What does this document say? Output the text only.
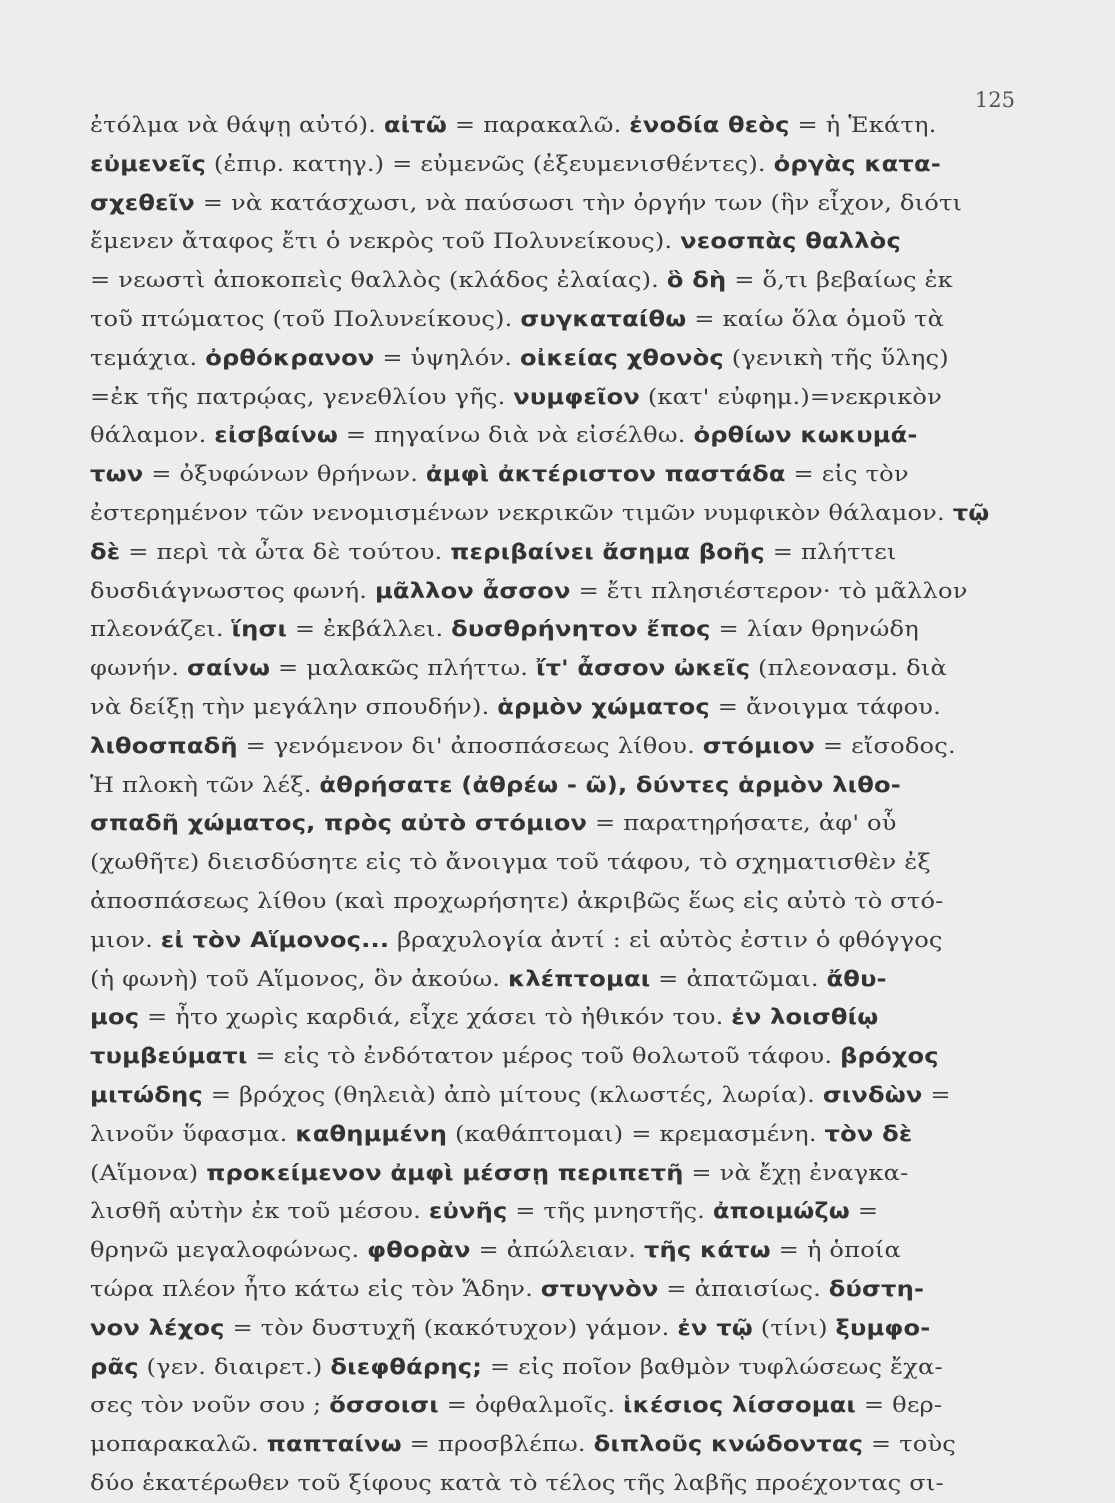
125
ἐτόλμα νὰ θάψῃ αὐτό). αἰτῶ = παρακαλῶ. ἐνοδία θεὸς = ἡ Ἑκάτη.
εὐμενεῖς (ἐπιρ. κατηγ.) = εὐμενῶς (ἐξευμενισθέντες). ὀργὰς κατα-
σχεθεῖν = νὰ κατάσχωσι, νὰ παύσωσι τὴν ὀργήν των (ἣν εἶχον, διότι
ἔμενεν ἄταφος ἔτι ὁ νεκρὸς τοῦ Πολυνείκους). νεοσπὰς θαλλὸς
= νεωστὶ ἀποκοπεὶς θαλλὸς (κλάδος ἐλαίας). ὃ δὴ = ὅ,τι βεβαίως ἐκ
τοῦ πτώματος (τοῦ Πολυνείκους). συγκαταίθω = καίω ὅλα ὁμοῦ τὰ
τεμάχια. ὀρθόκρανον = ὑψηλόν. οἰκείας χθονὸς (γενικὴ τῆς ὕλης)
=ἐκ τῆς πατρῴας, γενεθλίου γῆς. νυμφεῖον (κατ' εὐφημ.)=νεκρικὸν
θάλαμον. εἰσβαίνω = πηγαίνω διὰ νὰ εἰσέλθω. ὀρθίων κωκυμά-
των = ὀξυφώνων θρήνων. ἀμφὶ ἀκτέριστον παστάδα = εἰς τὸν
ἐστερημένον τῶν νενομισμένων νεκρικῶν τιμῶν νυμφικὸν θάλαμον. τῷ
δὲ = περὶ τὰ ὦτα δὲ τούτου. περιβαίνει ἄσημα βοῆς = πλήττει
δυσδιάγνωστος φωνή. μᾶλλον ἆσσον = ἔτι πλησιέστερον· τὸ μᾶλλον
πλεονάζει. ἵησι = ἐκβάλλει. δυσθρήνητον ἔπος = λίαν θρηνώδη
φωνήν. σαίνω = μαλακῶς πλήττω. ἴτ' ἆσσον ὠκεῖς (πλεονασμ. διὰ
νὰ δείξῃ τὴν μεγάλην σπουδήν). ἁρμὸν χώματος = ἄνοιγμα τάφου.
λιθοσπαδῆ = γενόμενον δι' ἀποσπάσεως λίθου. στόμιον = εἴσοδος.
Ἡ πλοκὴ τῶν λέξ. ἀθρήσατε (ἀθρέω - ῶ), δύντες ἁρμὸν λιθο-
σπαδῆ χώματος, πρὸς αὐτὸ στόμιον = παρατηρήσατε, ἀφ' οὗ
(χωθῆτε) διεισδύσητε εἰς τὸ ἄνοιγμα τοῦ τάφου, τὸ σχηματισθὲν ἐξ
ἀποσπάσεως λίθου (καὶ προχωρήσητε) ἀκριβῶς ἕως εἰς αὐτὸ τὸ στό-
μιον. εἰ τὸν Αἵμονος... βραχυλογία ἀντί : εἰ αὐτὸς ἐστιν ὁ φθόγγος
(ἡ φωνὴ) τοῦ Αἵμονος, ὃν ἀκούω. κλέπτομαι = ἀπατῶμαι. ἄθυ-
μος = ἦτο χωρὶς καρδιά, εἶχε χάσει τὸ ἠθικόν του. ἐν λοισθίῳ
τυμβεύματι = εἰς τὸ ἐνδότατον μέρος τοῦ θολωτοῦ τάφου. βρόχος
μιτώδης = βρόχος (θηλειὰ) ἀπὸ μίτους (κλωστές, λωρία). σινδὼν =
λινοῦν ὕφασμα. καθημμένη (καθάπτομαι) = κρεμασμένη. τὸν δὲ
(Αἵμονα) προκείμενον ἀμφὶ μέσσῃ περιπετῆ = νὰ ἔχῃ ἐναγκα-
λισθῆ αὐτὴν ἐκ τοῦ μέσου. εὐνῆς = τῆς μνηστῆς. ἀποιμώζω =
θρηνῶ μεγαλοφώνως. φθορὰν = ἀπώλειαν. τῆς κάτω = ἡ ὁποία
τώρα πλέον ἦτο κάτω εἰς τὸν Ἅδην. στυγνὸν = ἀπαισίως. δύστη-
νον λέχος = τὸν δυστυχῆ (κακότυχον) γάμον. ἐν τῷ (τίνι) ξυμφο-
ρᾶς (γεν. διαιρετ.) διεφθάρης; = εἰς ποῖον βαθμὸν τυφλώσεως ἔχα-
σες τὸν νοῦν σου ; ὄσσοισι = ὀφθαλμοῖς. ἱκέσιος λίσσομαι = θερ-
μοπαρακαλῶ. παπταίνω = προσβλέπω. διπλοῦς κνώδοντας = τοὺς
δύο ἑκατέρωθεν τοῦ ξίφους κατὰ τὸ τέλος τῆς λαβῆς προέχοντας σι-
